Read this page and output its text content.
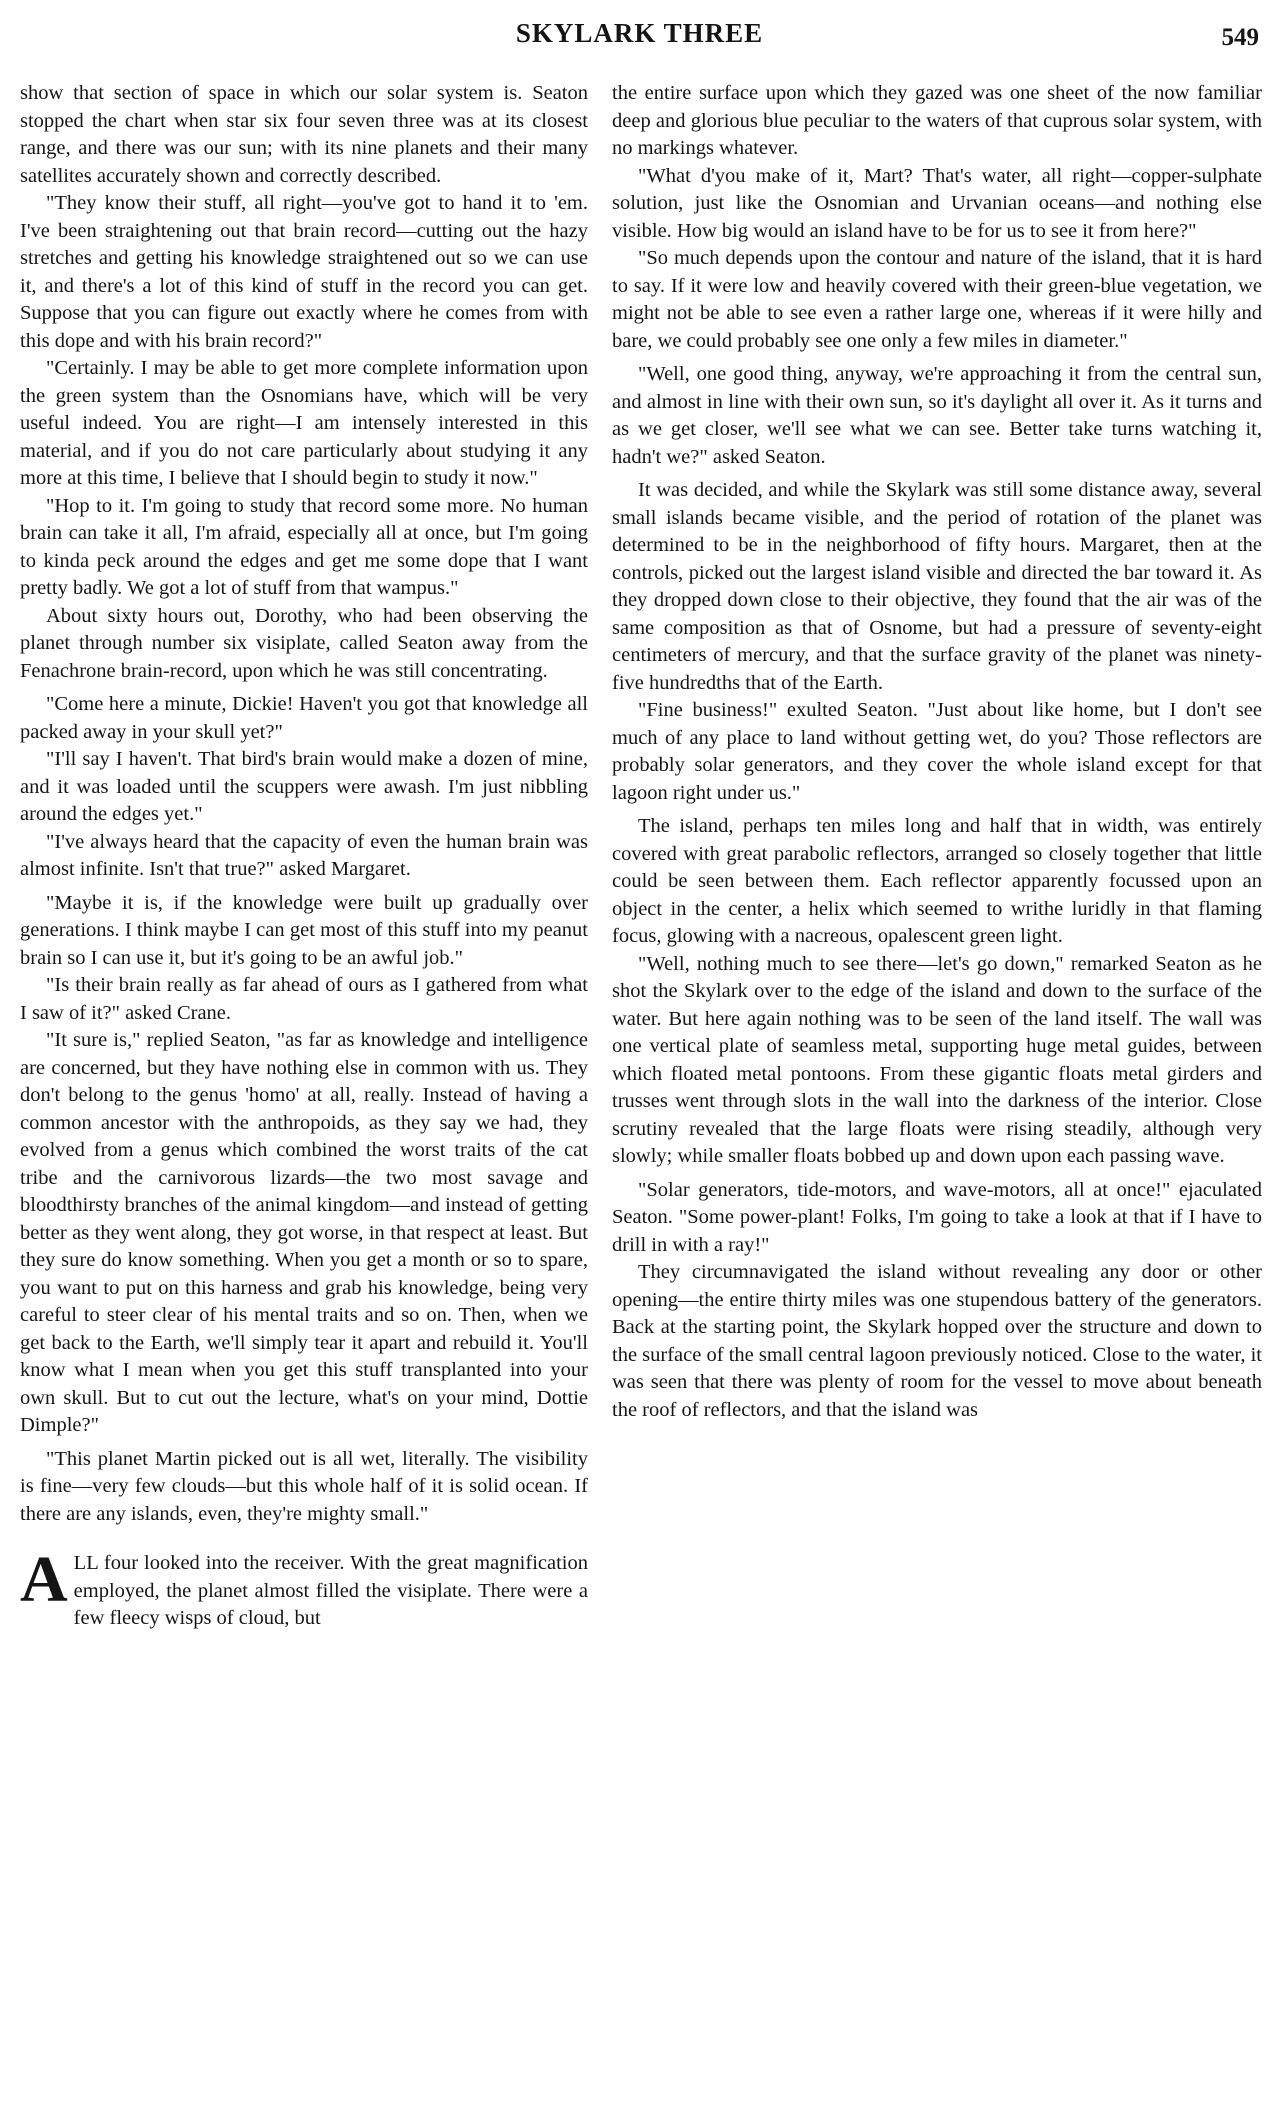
SKYLARK THREE	549

show that section of space in which our solar system is. Seaton stopped the chart when star six four seven three was at its closest range, and there was our sun; with its nine planets and their many satellites accurately shown and correctly described.

"They know their stuff, all right—you've got to hand it to 'em. I've been straightening out that brain record—cutting out the hazy stretches and getting his knowledge straightened out so we can use it, and there's a lot of this kind of stuff in the record you can get. Suppose that you can figure out exactly where he comes from with this dope and with his brain record?"

"Certainly. I may be able to get more complete information upon the green system than the Osnomians have, which will be very useful indeed. You are right—I am intensely interested in this material, and if you do not care particularly about studying it any more at this time, I believe that I should begin to study it now."

"Hop to it. I'm going to study that record some more. No human brain can take it all, I'm afraid, especially all at once, but I'm going to kinda peck around the edges and get me some dope that I want pretty badly. We got a lot of stuff from that wampus."

About sixty hours out, Dorothy, who had been observing the planet through number six visiplate, called Seaton away from the Fenachrone brain-record, upon which he was still concentrating.

"Come here a minute, Dickie! Haven't you got that knowledge all packed away in your skull yet?"

"I'll say I haven't. That bird's brain would make a dozen of mine, and it was loaded until the scuppers were awash. I'm just nibbling around the edges yet."

"I've always heard that the capacity of even the human brain was almost infinite. Isn't that true?" asked Margaret.

"Maybe it is, if the knowledge were built up gradually over generations. I think maybe I can get most of this stuff into my peanut brain so I can use it, but it's going to be an awful job."

"Is their brain really as far ahead of ours as I gathered from what I saw of it?" asked Crane.

"It sure is," replied Seaton, "as far as knowledge and intelligence are concerned, but they have nothing else in common with us. They don't belong to the genus 'homo' at all, really. Instead of having a common ancestor with the anthropoids, as they say we had, they evolved from a genus which combined the worst traits of the cat tribe and the carnivorous lizards—the two most savage and bloodthirsty branches of the animal kingdom—and instead of getting better as they went along, they got worse, in that respect at least. But they sure do know something. When you get a month or so to spare, you want to put on this harness and grab his knowledge, being very careful to steer clear of his mental traits and so on. Then, when we get back to the Earth, we'll simply tear it apart and rebuild it. You'll know what I mean when you get this stuff transplanted into your own skull. But to cut out the lecture, what's on your mind, Dottie Dimple?"

"This planet Martin picked out is all wet, literally. The visibility is fine—very few clouds—but this whole half of it is solid ocean. If there are any islands, even, they're mighty small."

ALL four looked into the receiver. With the great magnification employed, the planet almost filled the visiplate. There were a few fleecy wisps of cloud, but

the entire surface upon which they gazed was one sheet of the now familiar deep and glorious blue peculiar to the waters of that cuprous solar system, with no markings whatever.

"What d'you make of it, Mart? That's water, all right—copper-sulphate solution, just like the Osnomian and Urvanian oceans—and nothing else visible. How big would an island have to be for us to see it from here?"

"So much depends upon the contour and nature of the island, that it is hard to say. If it were low and heavily covered with their green-blue vegetation, we might not be able to see even a rather large one, whereas if it were hilly and bare, we could probably see one only a few miles in diameter."

"Well, one good thing, anyway, we're approaching it from the central sun, and almost in line with their own sun, so it's daylight all over it. As it turns and as we get closer, we'll see what we can see. Better take turns watching it, hadn't we?" asked Seaton.

It was decided, and while the Skylark was still some distance away, several small islands became visible, and the period of rotation of the planet was determined to be in the neighborhood of fifty hours. Margaret, then at the controls, picked out the largest island visible and directed the bar toward it. As they dropped down close to their objective, they found that the air was of the same composition as that of Osnome, but had a pressure of seventy-eight centimeters of mercury, and that the surface gravity of the planet was ninety-five hundredths that of the Earth.

"Fine business!" exulted Seaton. "Just about like home, but I don't see much of any place to land without getting wet, do you? Those reflectors are probably solar generators, and they cover the whole island except for that lagoon right under us."

The island, perhaps ten miles long and half that in width, was entirely covered with great parabolic reflectors, arranged so closely together that little could be seen between them. Each reflector apparently focussed upon an object in the center, a helix which seemed to writhe luridly in that flaming focus, glowing with a nacreous, opalescent green light.

"Well, nothing much to see there—let's go down," remarked Seaton as he shot the Skylark over to the edge of the island and down to the surface of the water. But here again nothing was to be seen of the land itself. The wall was one vertical plate of seamless metal, supporting huge metal guides, between which floated metal pontoons. From these gigantic floats metal girders and trusses went through slots in the wall into the darkness of the interior. Close scrutiny revealed that the large floats were rising steadily, although very slowly; while smaller floats bobbed up and down upon each passing wave.

"Solar generators, tide-motors, and wave-motors, all at once!" ejaculated Seaton. "Some power-plant! Folks, I'm going to take a look at that if I have to drill in with a ray!"

They circumnavigated the island without revealing any door or other opening—the entire thirty miles was one stupendous battery of the generators. Back at the starting point, the Skylark hopped over the structure and down to the surface of the small central lagoon previously noticed. Close to the water, it was seen that there was plenty of room for the vessel to move about beneath the roof of reflectors, and that the island was
